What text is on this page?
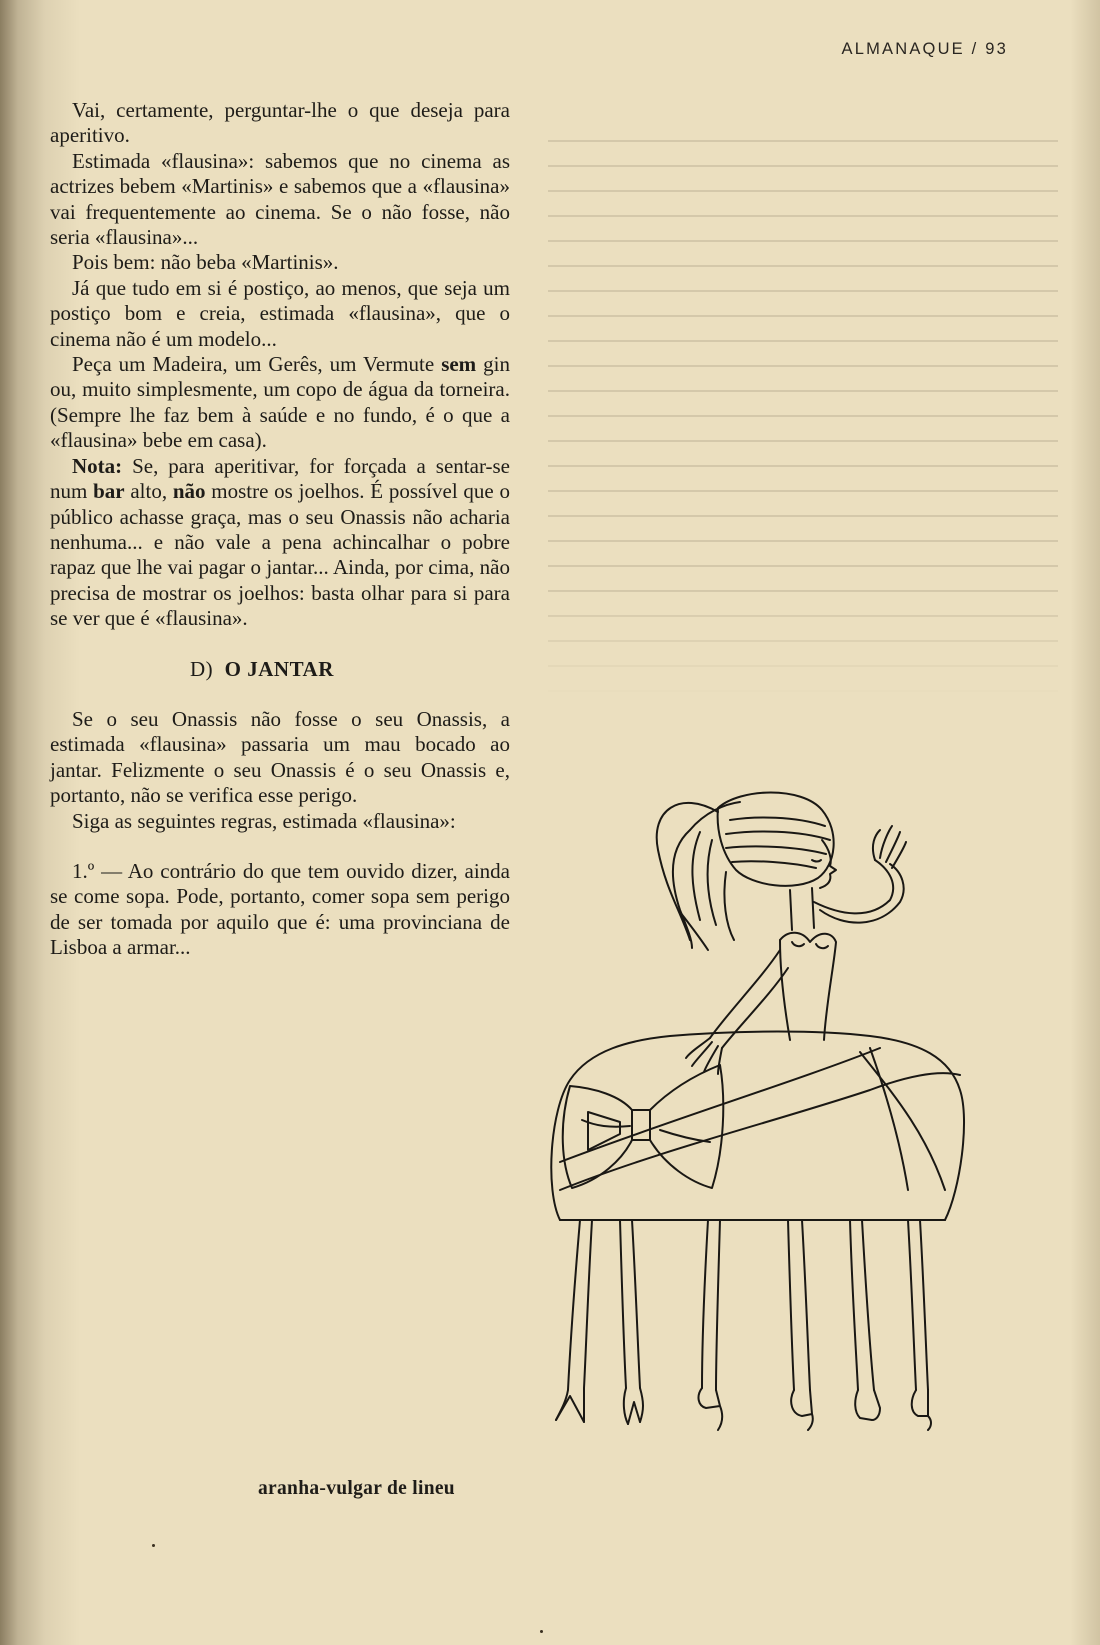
ALMANAQUE / 93

Vai, certamente, perguntar-lhe o que deseja para aperitivo.

Estimada «flausina»: sabemos que no cinema as actrizes bebem «Martinis» e sabemos que a «flausina» vai frequentemente ao cinema. Se o não fosse, não seria «flausina»...

Pois bem: não beba «Martinis».

Já que tudo em si é postiço, ao menos, que seja um postiço bom e creia, estimada «flausina», que o cinema não é um modelo...

Peça um Madeira, um Gerês, um Vermute sem gin ou, muito simplesmente, um copo de água da torneira. (Sempre lhe faz bem à saúde e no fundo, é o que a «flausina» bebe em casa).

Nota: Se, para aperitivar, for forçada a sentar-se num bar alto, não mostre os joelhos. É possível que o público achasse graça, mas o seu Onassis não acharia nenhuma... e não vale a pena achincalhar o pobre rapaz que lhe vai pagar o jantar... Ainda, por cima, não precisa de mostrar os joelhos: basta olhar para si para se ver que é «flausina».

D) O JANTAR

Se o seu Onassis não fosse o seu Onassis, a estimada «flausina» passaria um mau bocado ao jantar. Felizmente o seu Onassis é o seu Onassis e, portanto, não se verifica esse perigo.

Siga as seguintes regras, estimada «flausina»:

1.º — Ao contrário do que tem ouvido dizer, ainda se come sopa. Pode, portanto, comer sopa sem perigo de ser tomada por aquilo que é: uma provinciana de Lisboa a armar...

aranha-vulgar de lineu
